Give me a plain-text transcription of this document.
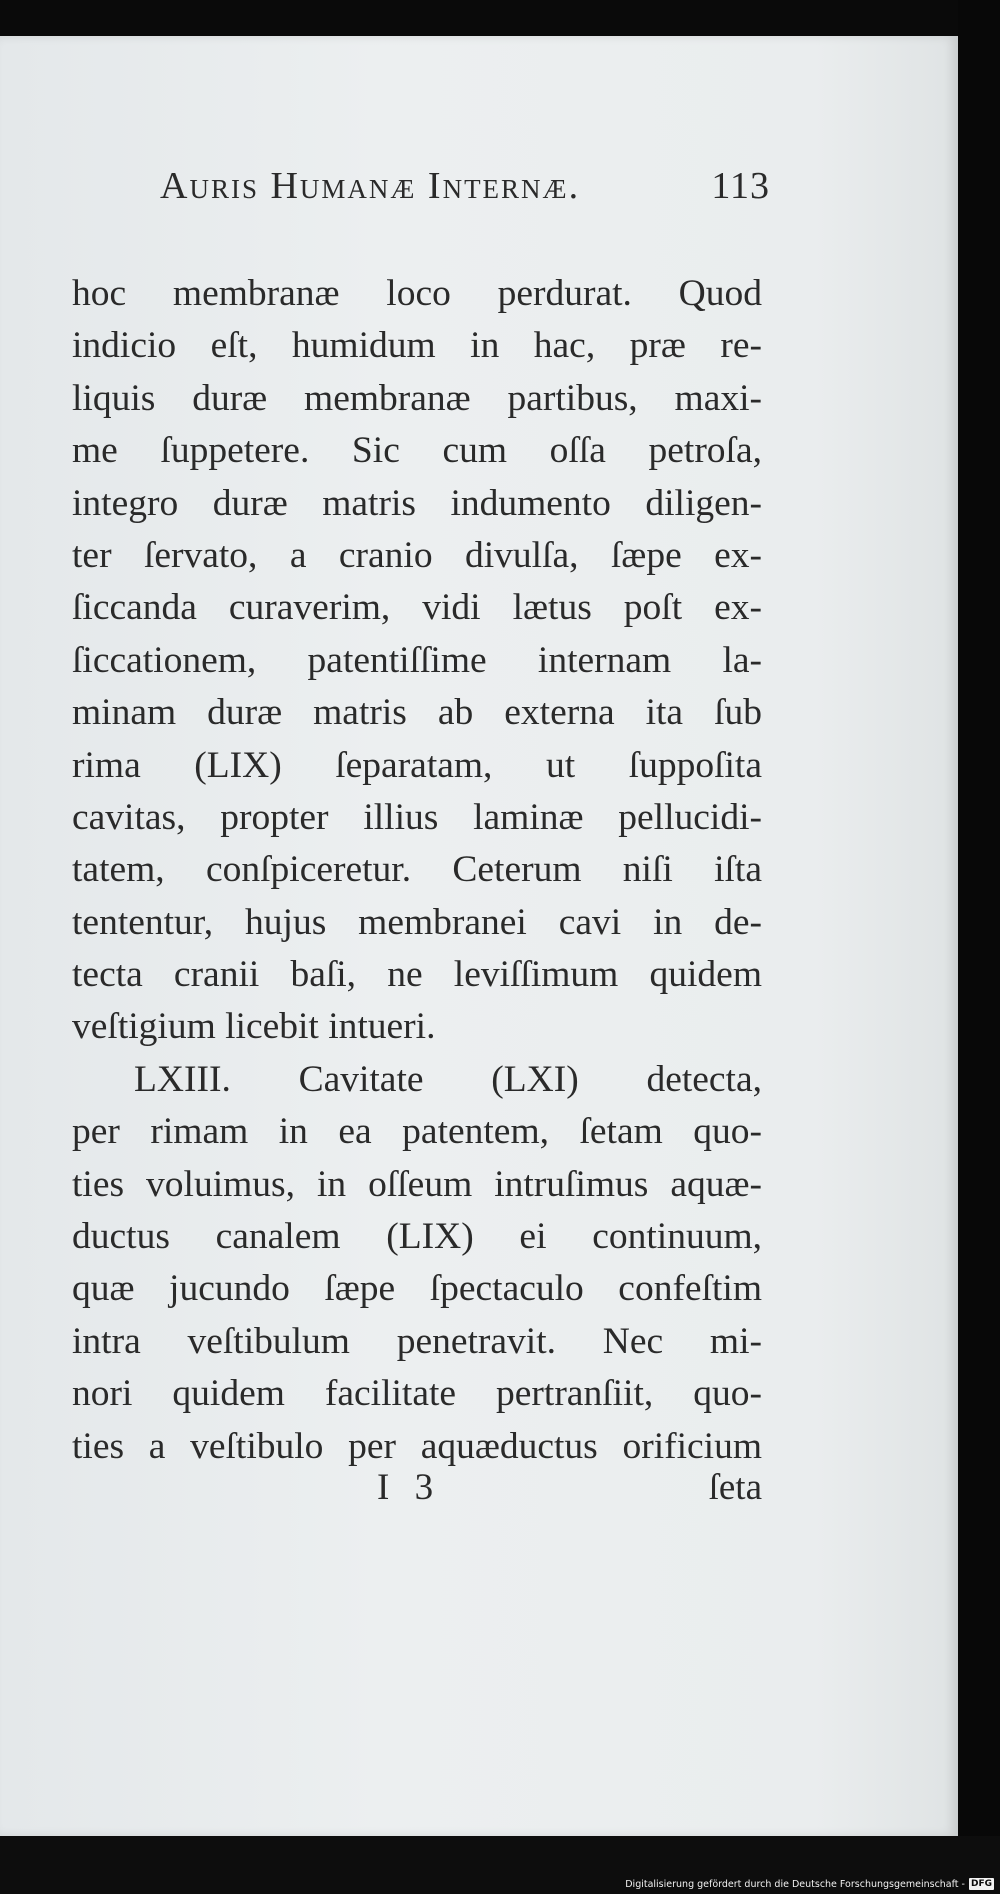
Auris Humanæ Internæ.	113
hoc membranæ loco perdurat. Quod
indicio eſt, humidum in hac, præ re-
liquis duræ membranæ partibus, maxi-
me ſuppetere. Sic cum oſſa petroſa,
integro duræ matris indumento diligen-
ter ſervato, a cranio divulſa, ſæpe ex-
ſiccanda curaverim, vidi lætus poſt ex-
ſiccationem, patentiſſime internam la-
minam duræ matris ab externa ita ſub
rima (LIX) ſeparatam, ut ſuppoſita
cavitas, propter illius laminæ pellucidi-
tatem, conſpiceretur. Ceterum niſi iſta
tententur, hujus membranei cavi in de-
tecta cranii baſi, ne leviſſimum quidem
veſtigium licebit intueri.
LXIII. Cavitate (LXI) detecta,
per rimam in ea patentem, ſetam quo-
ties voluimus, in oſſeum intruſimus aquæ-
ductus canalem (LIX) ei continuum,
quæ jucundo ſæpe ſpectaculo confeſtim
intra veſtibulum penetravit. Nec mi-
nori quidem facilitate pertranſiit, quo-
ties a veſtibulo per aquæductus orificium
I 3	ſeta
Digitalisierung gefördert durch die Deutsche Forschungsgemeinschaft - DFG
